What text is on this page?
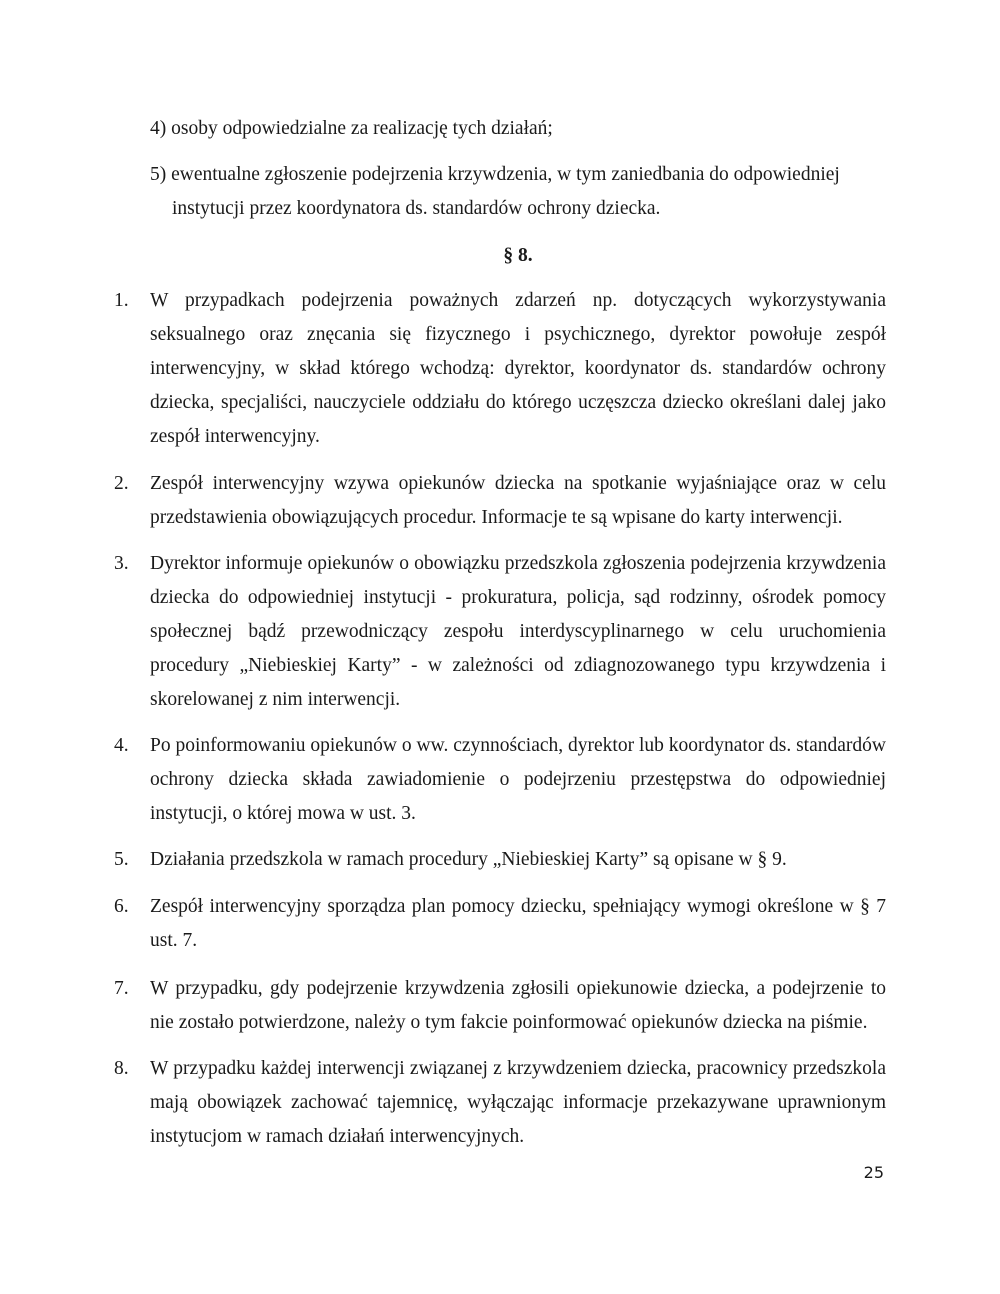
4) osoby odpowiedzialne za realizację tych działań;
5) ewentualne zgłoszenie podejrzenia krzywdzenia, w tym zaniedbania do odpowiedniej
instytucji przez koordynatora ds. standardów ochrony dziecka.
§ 8.
1.	W przypadkach podejrzenia poważnych zdarzeń np. dotyczących wykorzystywania seksualnego oraz znęcania się fizycznego i psychicznego, dyrektor powołuje zespół interwencyjny, w skład którego wchodzą: dyrektor, koordynator ds. standardów ochrony dziecka, specjaliści, nauczyciele oddziału do którego uczęszcza dziecko określani dalej jako zespół interwencyjny.
2.	Zespół interwencyjny wzywa opiekunów dziecka na spotkanie wyjaśniające oraz w celu przedstawienia obowiązujących procedur. Informacje te są wpisane do karty interwencji.
3.	Dyrektor informuje opiekunów o obowiązku przedszkola zgłoszenia podejrzenia krzywdzenia dziecka do odpowiedniej instytucji - prokuratura, policja, sąd rodzinny, ośrodek pomocy społecznej bądź przewodniczący zespołu interdyscyplinarnego w celu uruchomienia procedury „Niebieskiej Karty” - w zależności od zdiagnozowanego typu krzywdzenia i skorelowanej z nim interwencji.
4.	Po poinformowaniu opiekunów o ww. czynnościach, dyrektor lub koordynator ds. standardów ochrony dziecka składa zawiadomienie o podejrzeniu przestępstwa do odpowiedniej instytucji, o której mowa w ust. 3.
5.	Działania przedszkola w ramach procedury „Niebieskiej Karty” są opisane w § 9.
6.	Zespół interwencyjny sporządza plan pomocy dziecku, spełniający wymogi określone w § 7 ust. 7.
7.	W przypadku, gdy podejrzenie krzywdzenia zgłosili opiekunowie dziecka, a podejrzenie to nie zostało potwierdzone, należy o tym fakcie poinformować opiekunów dziecka na piśmie.
8.	W przypadku każdej interwencji związanej z krzywdzeniem dziecka, pracownicy przedszkola mają obowiązek zachować tajemnicę, wyłączając informacje przekazywane uprawnionym instytucjom w ramach działań interwencyjnych.
25
